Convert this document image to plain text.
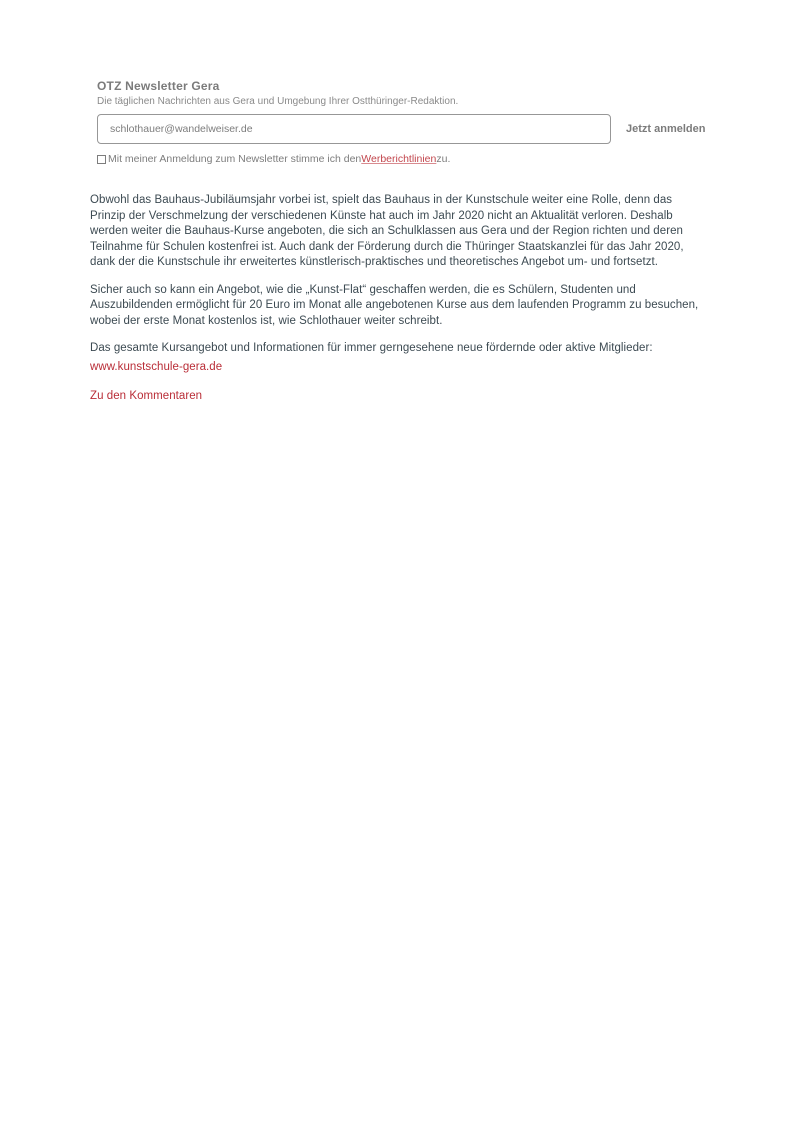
OTZ Newsletter Gera
Die täglichen Nachrichten aus Gera und Umgebung Ihrer Ostthüringer-Redaktion.
schlothauer@wandelweiser.de
Jetzt anmelden
Mit meiner Anmeldung zum Newsletter stimme ich den Werberichtlinien zu.

Obwohl das Bauhaus-Jubiläumsjahr vorbei ist, spielt das Bauhaus in der Kunstschule weiter eine Rolle, denn das Prinzip der Verschmelzung der verschiedenen Künste hat auch im Jahr 2020 nicht an Aktualität verloren. Deshalb werden weiter die Bauhaus-Kurse angeboten, die sich an Schulklassen aus Gera und der Region richten und deren Teilnahme für Schulen kostenfrei ist. Auch dank der Förderung durch die Thüringer Staatskanzlei für das Jahr 2020, dank der die Kunstschule ihr erweitertes künstlerisch-praktisches und theoretisches Angebot um- und fortsetzt.

Sicher auch so kann ein Angebot, wie die „Kunst-Flat“ geschaffen werden, die es Schülern, Studenten und Auszubildenden ermöglicht für 20 Euro im Monat alle angebotenen Kurse aus dem laufenden Programm zu besuchen, wobei der erste Monat kostenlos ist, wie Schlothauer weiter schreibt.

Das gesamte Kursangebot und Informationen für immer gerngesehene neue fördernde oder aktive Mitglieder:

www.kunstschule-gera.de

Zu den Kommentaren
